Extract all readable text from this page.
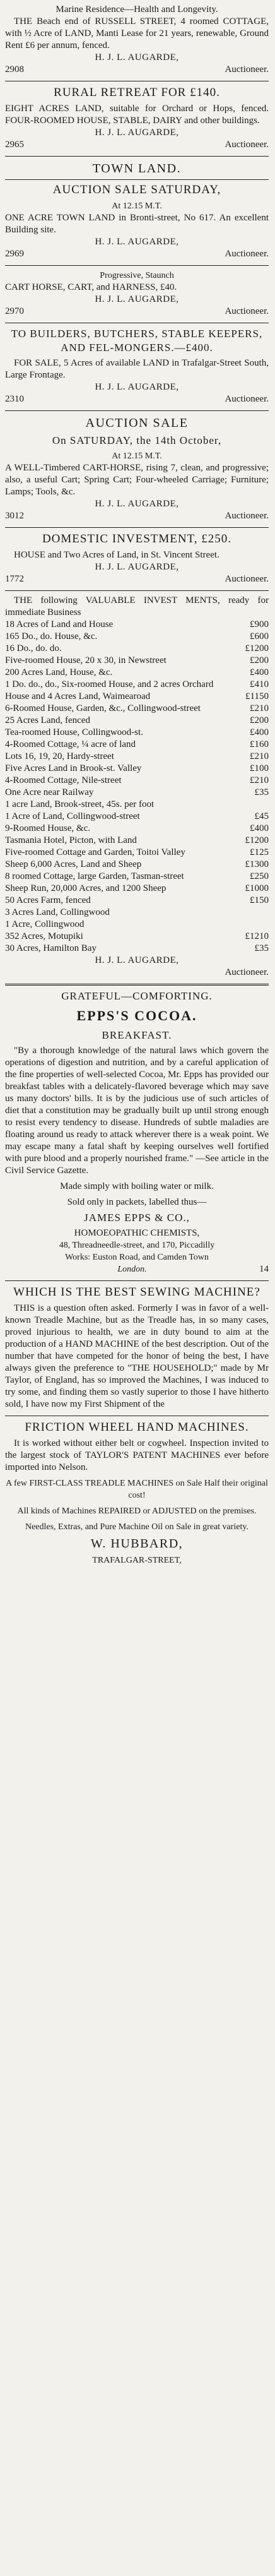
Marine Residence—Health and Longevity.

THE Beach end of RUSSELL STREET, 4 roomed COTTAGE, with ½ Acre of LAND, Manti Lease for 21 years, renewable, Ground Rent £6 per annum, fenced.

H. J. L. AUGARDE,
2908	Auctioneer.
RURAL RETREAT FOR £140.

EIGHT ACRES LAND, suitable for Orchard or Hops, fenced. FOUR-ROOMED HOUSE, STABLE, DAIRY and other buildings.

H. J. L. AUGARDE,
2965	Auctioneer.
TOWN LAND.
AUCTION SALE SATURDAY,
At 12.15 M.T.

ONE ACRE TOWN LAND in Bronti-street, No 617. An excellent Building site.

H. J. L. AUGARDE,
2969	Auctioneer.
Progressive, Staunch

CART HORSE, CART, and HARNESS, £40.

H. J. L. AUGARDE,
2970	Auctioneer.
TO BUILDERS, BUTCHERS, STABLE KEEPERS, AND FEL-MONGERS.—£400.

FOR SALE, 5 Acres of available LAND in Trafalgar-Street South, Large Frontage.

H. J. L. AUGARDE,
2310	Auctioneer.
AUCTION SALE
On SATURDAY, the 14th October,
At 12.15 M.T.

A WELL-Timbered CART-HORSE, rising 7, clean, and progressive; also, a useful Cart; Spring Cart; Four-wheeled Carriage; Furniture; Lamps; Tools, &c.

H. J. L. AUGARDE,
3012	Auctioneer.
DOMESTIC INVESTMENT, £250.

HOUSE and Two Acres of Land, in St. Vincent Street.

H. J. L. AUGARDE,
1772	Auctioneer.

THE following VALUABLE INVEST MENTS, ready for immediate Business

18 Acres of Land and House	£900
165 Do., do. House, &c.	£600
16 Do., do. do.	£1200
Five-roomed House, 20 x 30, in Newstreet	£200
200 Acres Land, House, &c.	£400
1 Do. do., do., Six-roomed House, and 2 acres Orchard	£410
House and 4 Acres Land, Waimearoad	£1150
6-Roomed House, Garden, &c., Collingwood-street	£210
25 Acres Land, fenced	£200
Tea-roomed House, Collingwood-st.	£400
4-Roomed Cottage, ¼ acre of land	£160
Lots 16, 19, 20, Hardy-street	£210
Five Acres Land in Brook-st. Valley	£100
4-Roomed Cottage, Nile-street	£210
One Acre near Railway	£35
1 acre Land, Brook-street, 45s. per foot
1 Acre of Land, Collingwood-street	£45
9-Roomed House, &c.	£400
Tasmania Hotel, Picton, with Land	£1200
Five-roomed Cottage and Garden, Toitoi Valley	£125
Sheep 6,000 Acres, Land and Sheep	£1300
8 roomed Cottage, large Garden, Tasman-street	£250
Sheep Run, 20,000 Acres, and 1200 Sheep	£1000
50 Acres Farm, fenced	£150
3 Acres Land, Collingwood
1 Acre, Collingwood
352 Acres, Motupiki	£1210
30 Acres, Hamilton Bay	£35
H. J. L. AUGARDE,
Auctioneer.
GRATEFUL—COMFORTING.
EPPS'S COCOA.
BREAKFAST.

"By a thorough knowledge of the natural laws which govern the operations of digestion and nutrition, and by a careful application of the fine properties of well-selected Cocoa, Mr. Epps has provided our breakfast tables with a delicately-flavored beverage which may save us many doctors' bills. It is by the judicious use of such articles of diet that a constitution may be gradually built up until strong enough to resist every tendency to disease. Hundreds of subtle maladies are floating around us ready to attack wherever there is a weak point. We may escape many a fatal shaft by keeping ourselves well fortified with pure blood and a properly nourished frame." —See article in the Civil Service Gazette.

Made simply with boiling water or milk.
Sold only in packets, labelled thus—
JAMES EPPS & CO.,
HOMOEOPATHIC CHEMISTS,
48, Threadneedle-street, and 170, Piccadilly
Works: Euston Road, and Camden Town
London.	14
WHICH IS THE BEST SEWING MACHINE?

THIS is a question often asked. Formerly I was in favor of a well-known Treadle Machine, but as the Treadle has, in so many cases, proved injurious to health, we are in duty bound to aim at the production of a HAND MACHINE of the best description. Out of the number that have competed for the honor of being the best, I have always given the preference to "THE HOUSEHOLD;" made by Mr Taylor, of England, has so improved the Machines, I was induced to try some, and finding them so vastly superior to those I have hitherto sold, I have now my First Shipment of the

FRICTION WHEEL HAND MACHINES.

It is worked without either belt or cogwheel. Inspection invited to the largest stock of TAYLOR'S PATENT MACHINES ever before imported into Nelson.

A few FIRST-CLASS TREADLE MACHINES on Sale Half their original cost!
All kinds of Machines REPAIRED or ADJUSTED on the premises.
Needles, Extras, and Pure Machine Oil on Sale in great variety.
W. HUBBARD,
TRAFALGAR-STREET,
